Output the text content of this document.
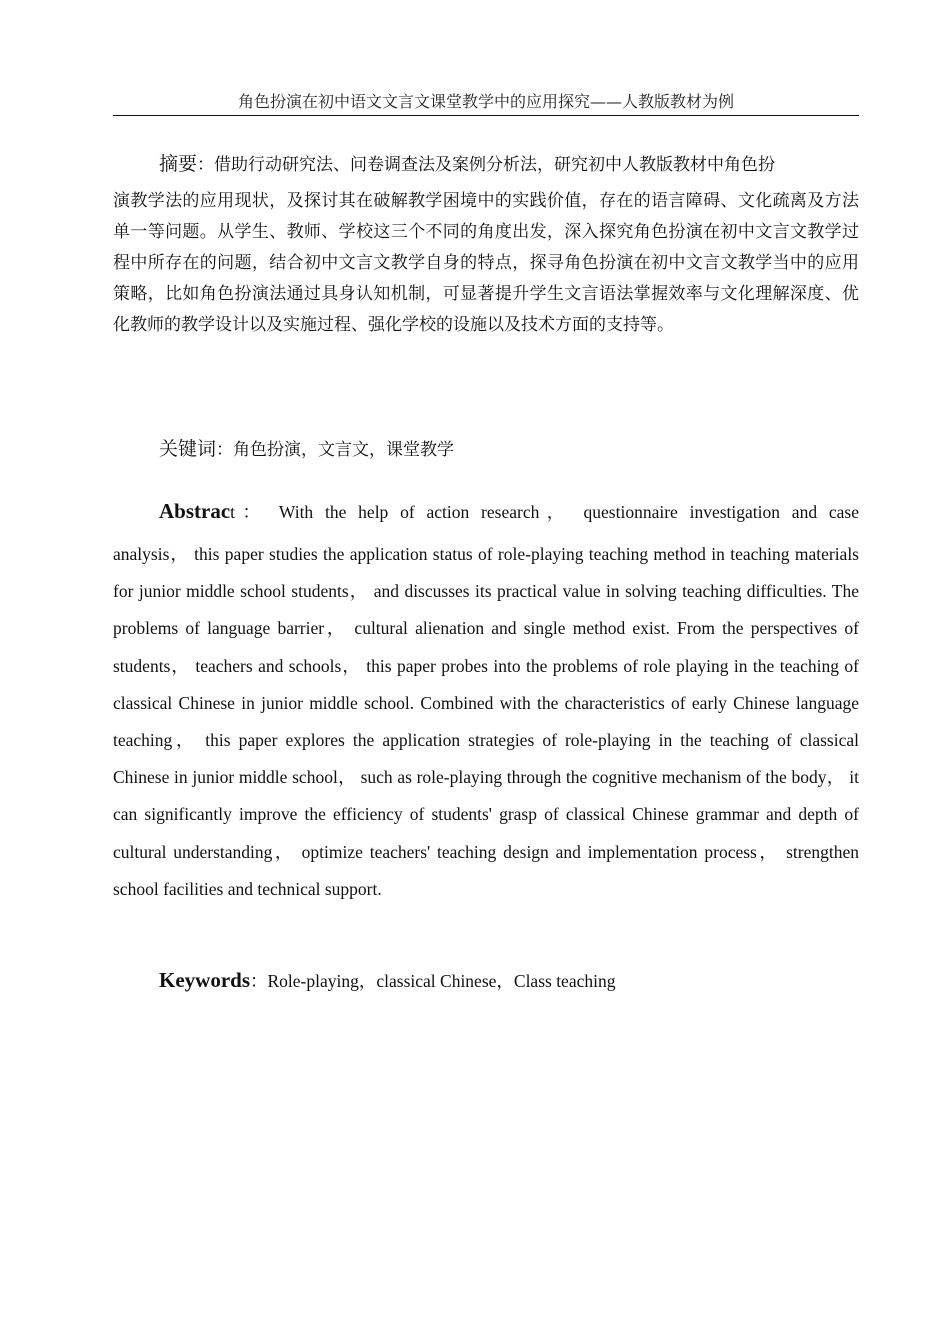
角色扮演在初中语文文言文课堂教学中的应用探究——人教版教材为例
摘要：借助行动研究法、问卷调查法及案例分析法，研究初中人教版教材中角色扮
演教学法的应用现状，及探讨其在破解教学困境中的实践价值，存在的语言障碍、文化疏离及方法单一等问题。从学生、教师、学校这三个不同的角度出发，深入探究角色扮演在初中文言文教学过程中所存在的问题，结合初中文言文教学自身的特点，探寻角色扮演在初中文言文教学当中的应用策略，比如角色扮演法通过具身认知机制，可显著提升学生文言语法掌握效率与文化理解深度、优化教师的教学设计以及实施过程、强化学校的设施以及技术方面的支持等。
关键词：角色扮演，文言文，课堂教学
Abstract： With the help of action research， questionnaire investigation and case
analysis， this paper studies the application status of role-playing teaching method in teaching materials for junior middle school students， and discusses its practical value in solving teaching difficulties. The problems of language barrier， cultural alienation and single method exist. From the perspectives of students， teachers and schools， this paper probes into the problems of role playing in the teaching of classical Chinese in junior middle school. Combined with the characteristics of early Chinese language teaching， this paper explores the application strategies of role-playing in the teaching of classical Chinese in junior middle school， such as role-playing through the cognitive mechanism of the body， it can significantly improve the efficiency of students' grasp of classical Chinese grammar and depth of cultural understanding， optimize teachers' teaching design and implementation process， strengthen school facilities and technical support.
Keywords：Role-playing，classical Chinese，Class teaching
